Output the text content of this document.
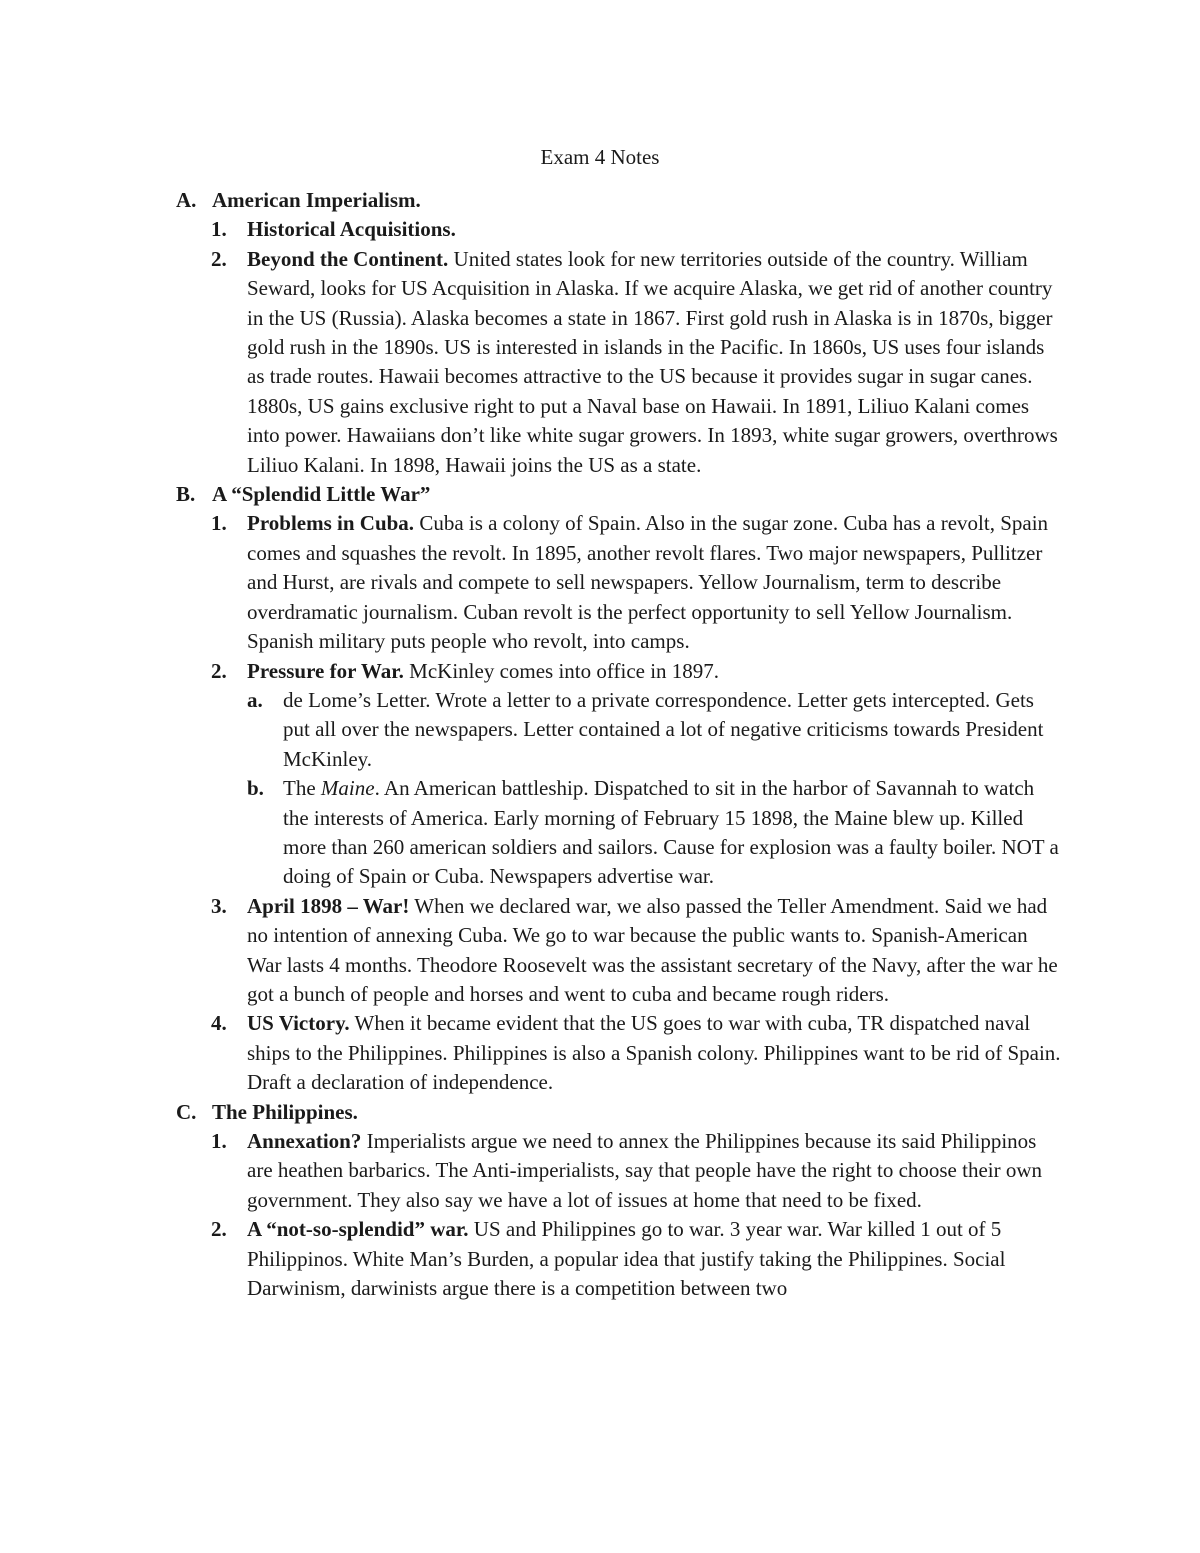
Exam 4 Notes
A. American Imperialism.
1. Historical Acquisitions.
2. Beyond the Continent. United states look for new territories outside of the country. William Seward, looks for US Acquisition in Alaska. If we acquire Alaska, we get rid of another country in the US (Russia). Alaska becomes a state in 1867. First gold rush in Alaska is in 1870s, bigger gold rush in the 1890s. US is interested in islands in the Pacific. In 1860s, US uses four islands as trade routes. Hawaii becomes attractive to the US because it provides sugar in sugar canes. 1880s, US gains exclusive right to put a Naval base on Hawaii. In 1891, Liliuo Kalani comes into power. Hawaiians don’t like white sugar growers. In 1893, white sugar growers, overthrows Liliuo Kalani. In 1898, Hawaii joins the US as a state.
B. A “Splendid Little War”
1. Problems in Cuba. Cuba is a colony of Spain. Also in the sugar zone. Cuba has a revolt, Spain comes and squashes the revolt. In 1895, another revolt flares. Two major newspapers, Pullitzer and Hurst, are rivals and compete to sell newspapers. Yellow Journalism, term to describe overdramatic journalism. Cuban revolt is the perfect opportunity to sell Yellow Journalism. Spanish military puts people who revolt, into camps.
2. Pressure for War. McKinley comes into office in 1897.
a. de Lome’s Letter. Wrote a letter to a private correspondence. Letter gets intercepted. Gets put all over the newspapers. Letter contained a lot of negative criticisms towards President McKinley.
b. The Maine. An American battleship. Dispatched to sit in the harbor of Savannah to watch the interests of America. Early morning of February 15 1898, the Maine blew up. Killed more than 260 american soldiers and sailors. Cause for explosion was a faulty boiler. NOT a doing of Spain or Cuba. Newspapers advertise war.
3. April 1898 – War! When we declared war, we also passed the Teller Amendment. Said we had no intention of annexing Cuba. We go to war because the public wants to. Spanish-American War lasts 4 months. Theodore Roosevelt was the assistant secretary of the Navy, after the war he got a bunch of people and horses and went to cuba and became rough riders.
4. US Victory. When it became evident that the US goes to war with cuba, TR dispatched naval ships to the Philippines. Philippines is also a Spanish colony. Philippines want to be rid of Spain. Draft a declaration of independence.
C. The Philippines.
1. Annexation? Imperialists argue we need to annex the Philippines because its said Philippinos are heathen barbarics. The Anti-imperialists, say that people have the right to choose their own government. They also say we have a lot of issues at home that need to be fixed.
2. A “not-so-splendid” war. US and Philippines go to war. 3 year war. War killed 1 out of 5 Philippinos. White Man’s Burden, a popular idea that justify taking the Philippines. Social Darwinism, darwinists argue there is a competition between two
